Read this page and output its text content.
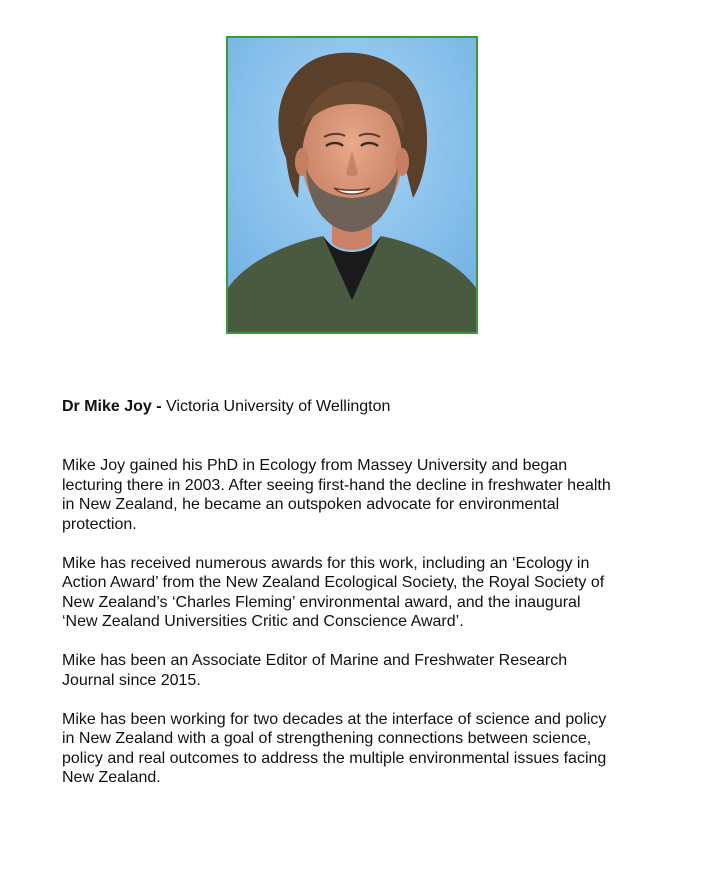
Dr Mike Joy - Victoria University of Wellington

Mike Joy gained his PhD in Ecology from Massey University and began
lecturing there in 2003. After seeing first-hand the decline in freshwater health
in New Zealand, he became an outspoken advocate for environmental
protection.

Mike has received numerous awards for this work, including an ‘Ecology in
Action Award’ from the New Zealand Ecological Society, the Royal Society of
New Zealand’s ‘Charles Fleming’ environmental award, and the inaugural
‘New Zealand Universities Critic and Conscience Award’.

Mike has been an Associate Editor of Marine and Freshwater Research
Journal since 2015.

Mike has been working for two decades at the interface of science and policy
in New Zealand with a goal of strengthening connections between science,
policy and real outcomes to address the multiple environmental issues facing
New Zealand.
